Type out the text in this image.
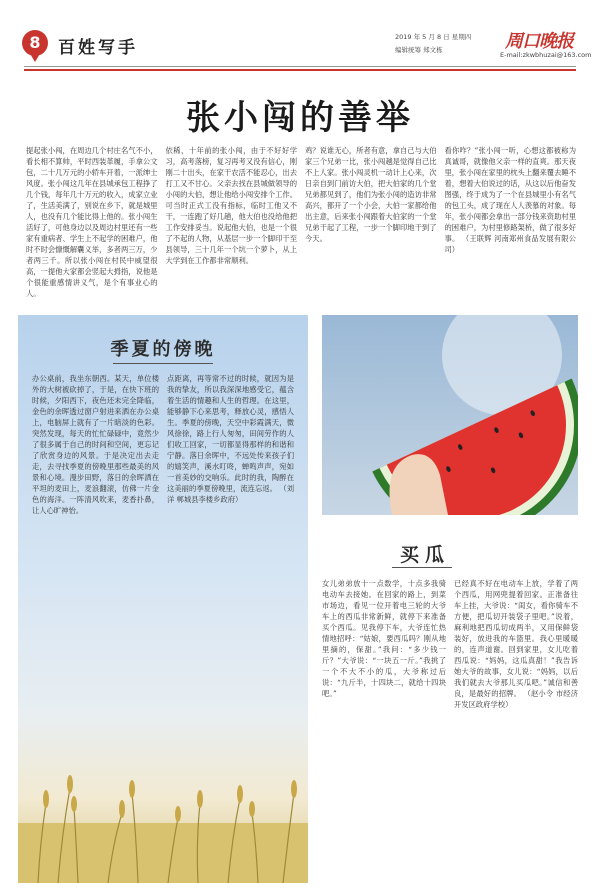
8	百姓写手
2019 年 5 月 8 日 星期四
编辑统筹 郑文栋	周口晚报
E-mail:zkwbhuzai@163.com
张小闯的善举
提起张小闯，在周边几个村庄名气不小，看长相不算帅，平时西装革履，手拿公文包，二十几万元的小轿车开着，一派绅士风度。张小闯这几年在县城承包工程挣了几个钱，每年几十万元的收入，成家立业了，生活美满了，别说在乡下，就是城里人，也没有几个能比得上他的。张小闯生活好了，可他身边以及周边村里还有一些家有重病者、学生上不起学的困难户，他时不时会慷慨解囊义举，多者两三万，少者两三千。所以张小闯在村民中威望很高，一提他大家都会竖起大拇指，说他是个很能重感情讲义气，是个有事业心的人。
依稀，十年前的张小闯，由于不好好学习，高考落榜，复习再考又没有信心，刚刚二十出头，在家干农活不能忍心，出去打工又不甘心。父亲去找在县城做领导的小闯的大伯，想让他给小闯安排个工作。可当时正式工没有指标，临时工他又不干，一连跑了好几趟，他大伯也没给他把工作安排妥当。说起他大伯，也是一个很了不起的人物，从基层一步一个脚印干至县领导，三十几年一个坑一个萝卜，从上大学到在工作都非常顺利。
鸡？说谁无心，所者有意，拿自己与大伯家三个兄弟一比，张小闯越是觉得自己比不上人家。张小闯灵机一动计上心来，次日亲自到门前访大伯，把大伯家的几个堂兄弟都见到了，他们为张小闯的造访非常高兴，都开了一个小会，大伯一家都给他出主意，后来张小闯跟着大伯家的一个堂兄弟干起了工程，一步一个脚印地干到了今天。
看你咋？”张小闯一听，心想这都被称为真诚哥，就像他父亲一样的直爽。那天夜里，张小闯在家里的枕头上翻来覆去睡不着，想着大伯说过的话，从这以后他奋发图强，终于成为了一个在县城里小有名气的包工头，成了现在人人羡慕的对象。每年，张小闯都会拿出一部分钱来资助村里的困难户，为村里修路架桥，做了很多好事。 （王联辉 河南郑州食品发展有限公司）
季夏的傍晚
办公桌前，我坐东朝西。某天，单位楼外的大树被砍掉了，于是，在快下班的时候，夕阳西下，夜色还未完全降临，金色的余晖透过窗户射进来洒在办公桌上，电脑屏上就有了一片暗淡的色彩。突然发现，每天的忙忙碌碌中，竟然少了很多属于自己的时间和空间，更忘记了欣赏身边的风景。于是决定出去走走，去寻找季夏的傍晚里那些最美的风景和心境。漫步田野，落日的余晖洒在平坦的麦田上，麦浪翻滚，仿佛一片金色的海洋。一阵清风吹来，麦香扑鼻，让人心旷神怡。
点距离，再等常不过的时候，就因为是我的挚友，所以我深深地感受它，蕴含着生活的情趣和人生的哲理。在这里，能够静下心来思考，释放心灵，感悟人生。季夏的傍晚，天空中彩霞满天，微风徐徐，路上行人匆匆，田间劳作的人们收工回家，一切都显得那样的和谐和宁静。落日余晖中，不远处传来孩子们的嬉笑声，溪水叮咚，蝉鸣声声，宛如一首美妙的交响乐。此时的我，陶醉在这美丽的季夏傍晚里，流连忘返。 （刘洋 郸城县李楼乡政府）
买瓜
女儿弟弟放十一点数学，十点多我骑电动车去接她。在回家的路上，到菜市场边，看见一位开着电三轮的大爷车上的西瓜非常新鲜，就停下来准备买个西瓜。见我停下车，大爷连忙热情地招呼：“姑娘，要西瓜吗？刚从地里摘的，保甜。”我问：“多少钱一斤？”大爷说：“一块五一斤。”我挑了一个不大不小的瓜，大爷称过后说：“九斤半，十四块二，就给十四块吧。”
已经真不好在电动车上放，学着了两个西瓜，用网兜提着回家。正准备往车上挂，大爷说：“闺女，看你骑车不方便，把瓜切开装袋子里吧。”说着，麻利地把西瓜切成两半，又用保鲜袋装好，放进我的车篮里。我心里暖暖的，连声道谢。回到家里，女儿吃着西瓜说：“妈妈，这瓜真甜！”我告诉她大爷的故事，女儿说：“妈妈，以后我们就去大爷那儿买瓜吧。”诚信和善良，是最好的招牌。 （赵小令 市经济开发区政府学校）
